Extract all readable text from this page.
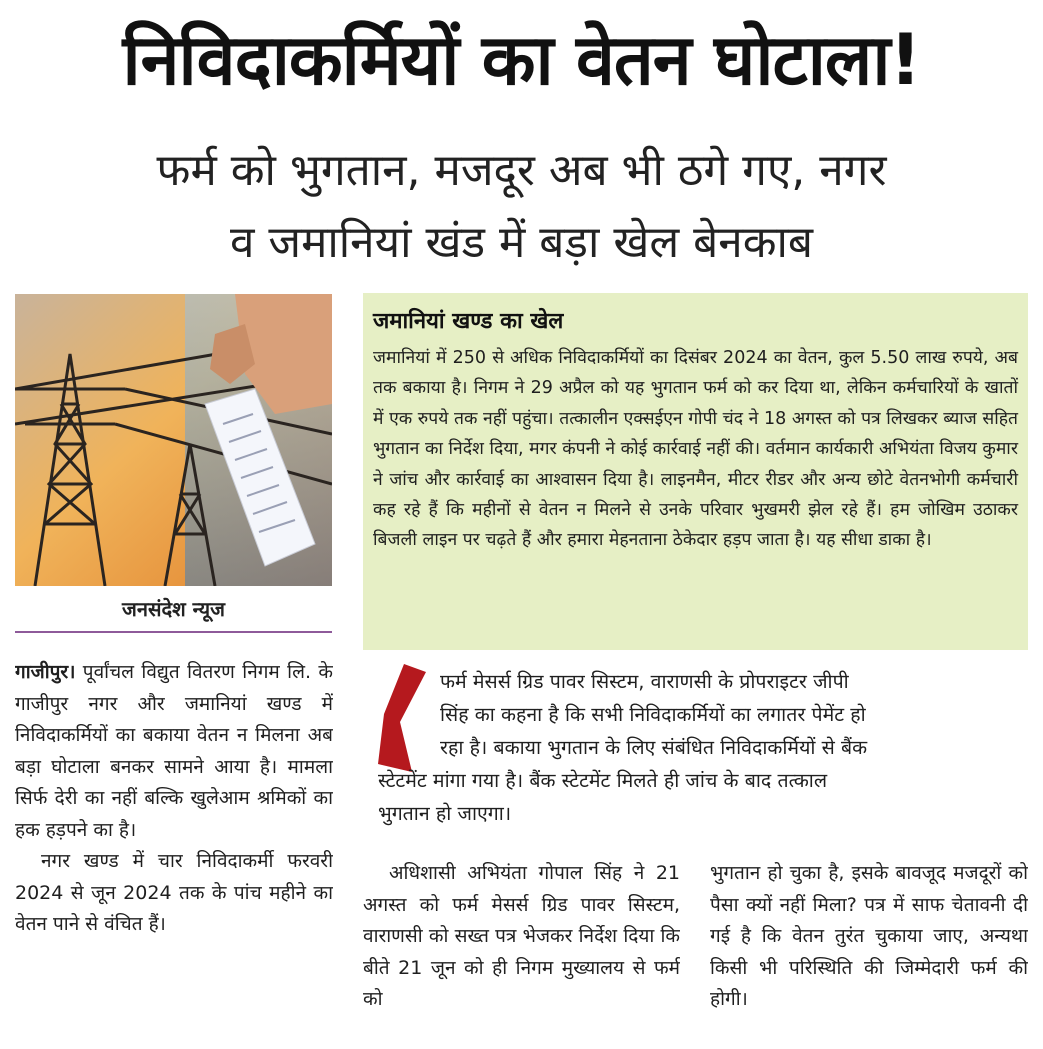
निविदाकर्मियों का वेतन घोटाला!
फर्म को भुगतान, मजदूर अब भी ठगे गए, नगर
व जमानियां खंड में बड़ा खेल बेनकाब
जनसंदेश न्यूज
जमानियां खण्ड का खेल
जमानियां में 250 से अधिक निविदाकर्मियों का दिसंबर 2024 का वेतन, कुल 5.50 लाख रुपये, अब तक बकाया है। निगम ने 29 अप्रैल को यह भुगतान फर्म को कर दिया था, लेकिन कर्मचारियों के खातों में एक रुपये तक नहीं पहुंचा। तत्कालीन एक्सईएन गोपी चंद ने 18 अगस्त को पत्र लिखकर ब्याज सहित भुगतान का निर्देश दिया, मगर कंपनी ने कोई कार्रवाई नहीं की। वर्तमान कार्यकारी अभियंता विजय कुमार ने जांच और कार्रवाई का आश्वासन दिया है। लाइनमैन, मीटर रीडर और अन्य छोटे वेतनभोगी कर्मचारी कह रहे हैं कि महीनों से वेतन न मिलने से उनके परिवार भुखमरी झेल रहे हैं। हम जोखिम उठाकर बिजली लाइन पर चढ़ते हैं और हमारा मेहनताना ठेकेदार हड़प जाता है। यह सीधा डाका है।
फर्म मेसर्स ग्रिड पावर सिस्टम, वाराणसी के प्रोपराइटर जीपी
सिंह का कहना है कि सभी निविदाकर्मियों का लगातर पेमेंट हो
रहा है। बकाया भुगतान के लिए संबंधित निविदाकर्मियों से बैंक
स्टेटमेंट मांगा गया है। बैंक स्टेटमेंट मिलते ही जांच के बाद तत्काल
भुगतान हो जाएगा।

गाजीपुर। पूर्वांचल विद्युत वितरण निगम लि. के गाजीपुर नगर और जमानियां खण्ड में निविदाकर्मियों का बकाया वेतन न मिलना अब बड़ा घोटाला बनकर सामने आया है। मामला सिर्फ देरी का नहीं बल्कि खुलेआम श्रमिकों का हक हड़पने का है।

नगर खण्ड में चार निविदाकर्मी फरवरी 2024 से जून 2024 तक के पांच महीने का वेतन पाने से वंचित हैं।

अधिशासी अभियंता गोपाल सिंह ने 21 अगस्त को फर्म मेसर्स ग्रिड पावर सिस्टम, वाराणसी को सख्त पत्र भेजकर निर्देश दिया कि बीते 21 जून को ही निगम मुख्यालय से फर्म को

भुगतान हो चुका है, इसके बावजूद मजदूरों को पैसा क्यों नहीं मिला? पत्र में साफ चेतावनी दी गई है कि वेतन तुरंत चुकाया जाए, अन्यथा किसी भी परिस्थिति की जिम्मेदारी फर्म की होगी।
